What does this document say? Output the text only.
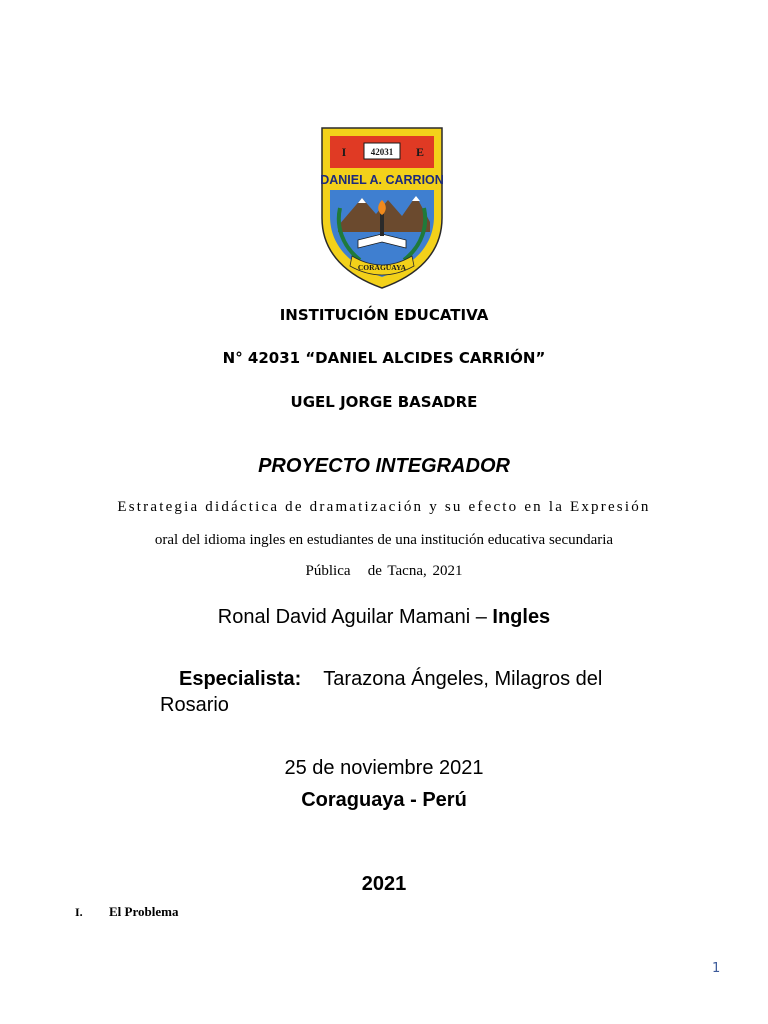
I	42031 E
DANIEL A. CARRION
CORAGUAYA

INSTITUCIÓN EDUCATIVA

N° 42031 “DANIEL ALCIDES CARRIÓN”

UGEL JORGE BASADRE

PROYECTO INTEGRADOR

Estrategia didáctica de dramatización y su efecto en la Expresión

oral del idioma ingles en estudiantes de una institución educativa secundaria

Pública   de Tacna, 2021

Ronal David Aguilar Mamani – Ingles

Especialista: Tarazona Ángeles, Milagros del

Rosario

25 de noviembre 2021

Coraguaya - Perú

2021

I. El Problema

1
